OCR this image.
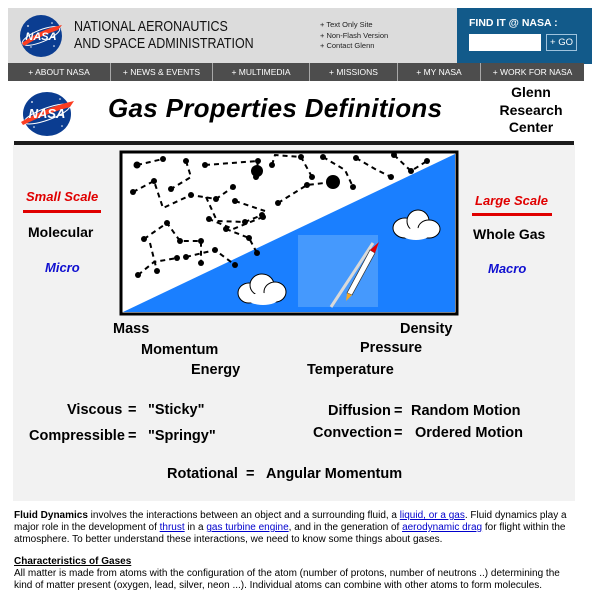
NASA
NATIONAL AERONAUTICS
AND SPACE ADMINISTRATION
+ Text Only Site
+ Non-Flash Version
+ Contact Glenn
FIND IT @ NASA :
+ GO
+ ABOUT NASA	+ NEWS & EVENTS	+ MULTIMEDIA	+ MISSIONS	+ MY NASA	+ WORK FOR NASA
NASA Gas Properties Definitions
Glenn
Research
Center
Small Scale
Molecular
Micro
Large Scale
Whole Gas
Macro
Mass
Momentum
Energy
Density
Pressure
Temperature
Viscous = "Sticky"
Compressible = "Springy"
Diffusion = Random Motion
Convection = Ordered Motion
Rotational = Angular Momentum

Fluid Dynamics involves the interactions between an object and a surrounding fluid, a liquid, or a gas. Fluid dynamics play a major role in the development of thrust in a gas turbine engine, and in the generation of aerodynamic drag for flight within the atmosphere. To better understand these interactions, we need to know some things about gases.

Characteristics of Gases
All matter is made from atoms with the configuration of the atom (number of protons, number of neutrons ..) determining the kind of matter present (oxygen, lead, silver, neon ...). Individual atoms can combine with other atoms to form molecules.
